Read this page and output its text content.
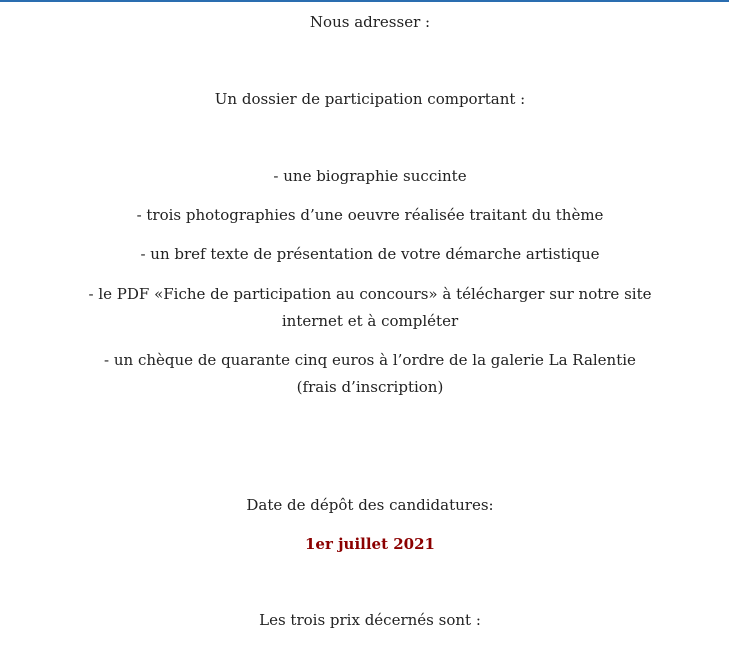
Nous adresser :

Un dossier de participation comportant :

- une biographie succinte

- trois photographies d’une oeuvre réalisée traitant du thème

- un bref texte de présentation de votre démarche artistique

- le PDF «Fiche de participation au concours» à télécharger sur notre site internet et à compléter

- un chèque de quarante cinq euros à l’ordre de la galerie La Ralentie (frais d’inscription)

Date de dépôt des candidatures:

1er juillet 2021

Les trois prix décernés sont :
